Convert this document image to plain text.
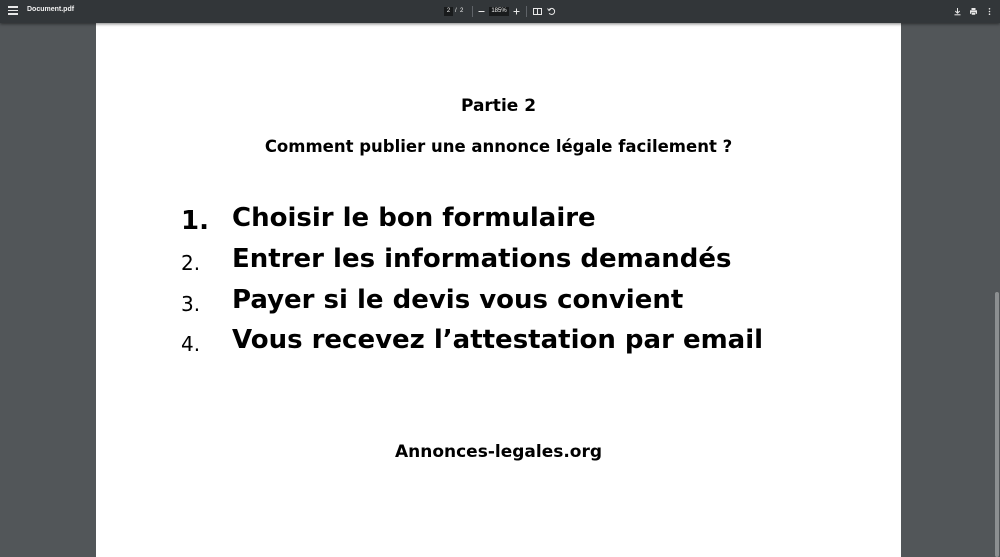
Document.pdf	2 / 2	185%
Partie 2
Comment publier une annonce légale facilement ?
1. Choisir le bon formulaire
2. Entrer les informations demandés
3. Payer si le devis vous convient
4. Vous recevez l’attestation par email
Annonces-legales.org
